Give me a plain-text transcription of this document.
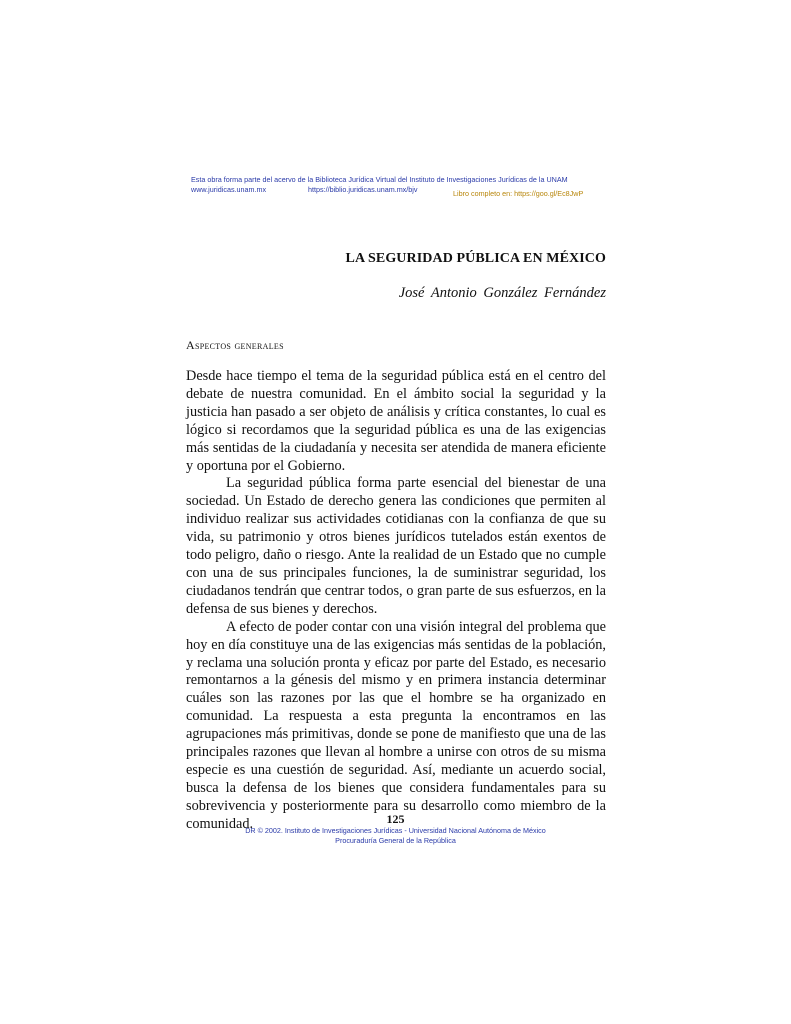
Esta obra forma parte del acervo de la Biblioteca Jurídica Virtual del Instituto de Investigaciones Jurídicas de la UNAM
www.juridicas.unam.mx	https://biblio.juridicas.unam.mx/bjv	Libro completo en: https://goo.gl/Ec8JwP
LA SEGURIDAD PÚBLICA EN MÉXICO
José Antonio González Fernández
Aspectos generales

Desde hace tiempo el tema de la seguridad pública está en el centro del debate de nuestra comunidad. En el ámbito social la seguridad y la justicia han pasado a ser objeto de análisis y crítica constantes, lo cual es lógico si recordamos que la seguridad pública es una de las exigencias más sentidas de la ciudadanía y necesita ser atendida de manera eficiente y oportuna por el Gobierno.

La seguridad pública forma parte esencial del bienestar de una sociedad. Un Estado de derecho genera las condiciones que permiten al individuo realizar sus actividades cotidianas con la confianza de que su vida, su patrimonio y otros bienes jurídicos tutelados están exentos de todo peligro, daño o riesgo. Ante la realidad de un Estado que no cumple con una de sus principales funciones, la de suministrar seguridad, los ciudadanos tendrán que centrar todos, o gran parte de sus esfuerzos, en la defensa de sus bienes y derechos.

A efecto de poder contar con una visión integral del problema que hoy en día constituye una de las exigencias más sentidas de la población, y reclama una solución pronta y eficaz por parte del Estado, es necesario remontarnos a la génesis del mismo y en primera instancia determinar cuáles son las razones por las que el hombre se ha organizado en comunidad. La respuesta a esta pregunta la encontramos en las agrupaciones más primitivas, donde se pone de manifiesto que una de las principales razones que llevan al hombre a unirse con otros de su misma especie es una cuestión de seguridad. Así, mediante un acuerdo social, busca la defensa de los bienes que considera fundamentales para su sobrevivencia y posteriormente para su desarrollo como miembro de la comunidad.	125
DR © 2002. Instituto de Investigaciones Jurídicas - Universidad Nacional Autónoma de México
Procuraduría General de la República
